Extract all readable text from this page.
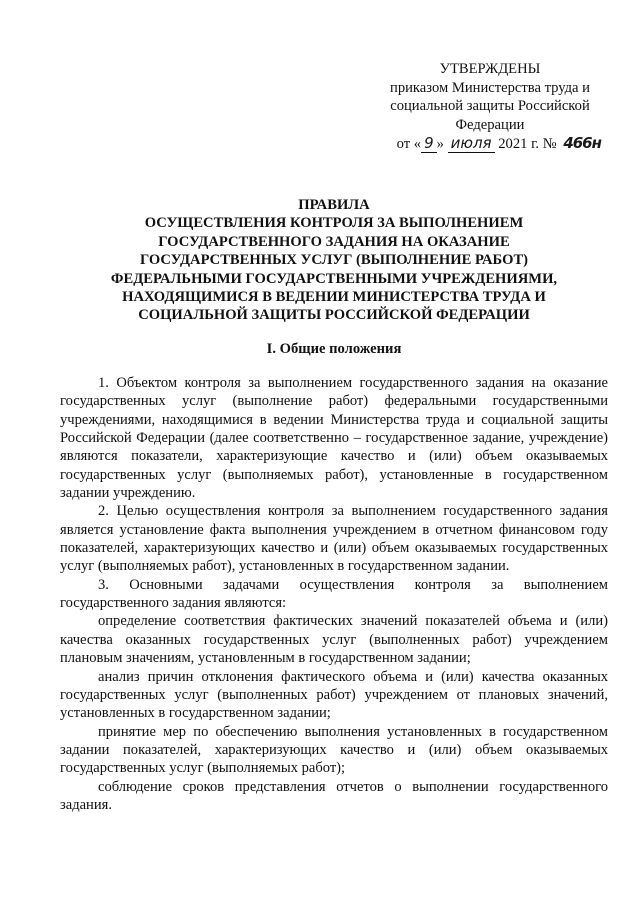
УТВЕРЖДЕНЫ
приказом Министерства труда и
социальной защиты Российской
Федерации
от « 9 » июля 2021 г. № 466н
ПРАВИЛА
ОСУЩЕСТВЛЕНИЯ КОНТРОЛЯ ЗА ВЫПОЛНЕНИЕМ
ГОСУДАРСТВЕННОГО ЗАДАНИЯ НА ОКАЗАНИЕ
ГОСУДАРСТВЕННЫХ УСЛУГ (ВЫПОЛНЕНИЕ РАБОТ)
ФЕДЕРАЛЬНЫМИ ГОСУДАРСТВЕННЫМИ УЧРЕЖДЕНИЯМИ,
НАХОДЯЩИМИСЯ В ВЕДЕНИИ МИНИСТЕРСТВА ТРУДА И
СОЦИАЛЬНОЙ ЗАЩИТЫ РОССИЙСКОЙ ФЕДЕРАЦИИ
I. Общие положения

1. Объектом контроля за выполнением государственного задания на оказание государственных услуг (выполнение работ) федеральными государственными учреждениями, находящимися в ведении Министерства труда и социальной защиты Российской Федерации (далее соответственно – государственное задание, учреждение) являются показатели, характеризующие качество и (или) объем оказываемых государственных услуг (выполняемых работ), установленные в государственном задании учреждению.

2. Целью осуществления контроля за выполнением государственного задания является установление факта выполнения учреждением в отчетном финансовом году показателей, характеризующих качество и (или) объем оказываемых государственных услуг (выполняемых работ), установленных в государственном задании.

3. Основными задачами осуществления контроля за выполнением государственного задания являются:

определение соответствия фактических значений показателей объема и (или) качества оказанных государственных услуг (выполненных работ) учреждением плановым значениям, установленным в государственном задании;

анализ причин отклонения фактического объема и (или) качества оказанных государственных услуг (выполненных работ) учреждением от плановых значений, установленных в государственном задании;

принятие мер по обеспечению выполнения установленных в государственном задании показателей, характеризующих качество и (или) объем оказываемых государственных услуг (выполняемых работ);

соблюдение сроков представления отчетов о выполнении государственного задания.
